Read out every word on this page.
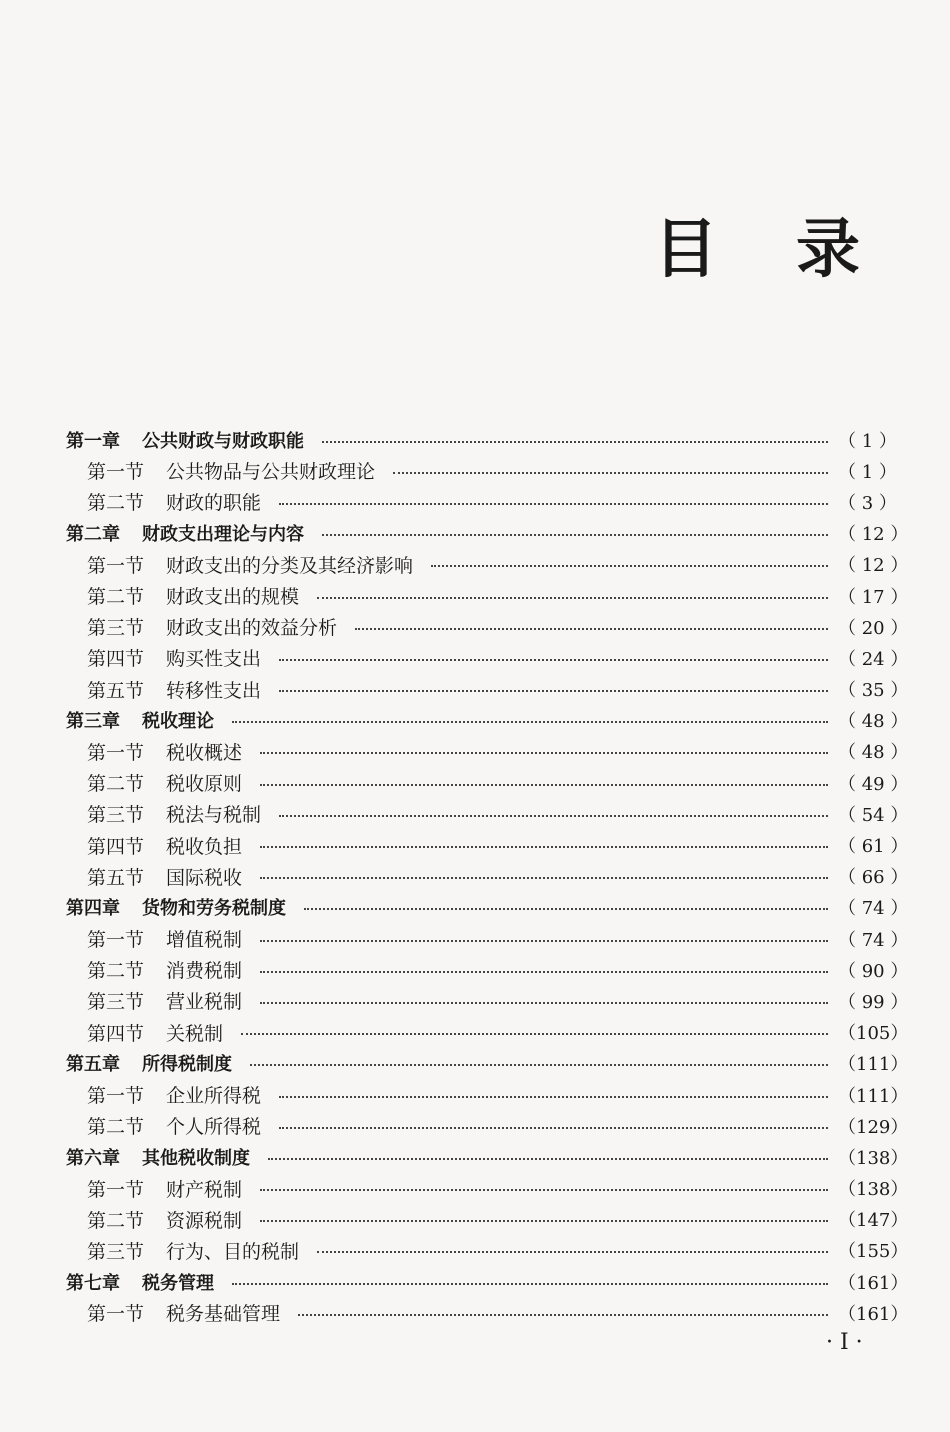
目 录
第一章 公共财政与财政职能	（ 1 ）
第一节 公共物品与公共财政理论	（ 1 ）
第二节 财政的职能	（ 3 ）
第二章 财政支出理论与内容	（ 12 ）
第一节 财政支出的分类及其经济影响	（ 12 ）
第二节 财政支出的规模	（ 17 ）
第三节 财政支出的效益分析	（ 20 ）
第四节 购买性支出	（ 24 ）
第五节 转移性支出	（ 35 ）
第三章 税收理论	（ 48 ）
第一节 税收概述	（ 48 ）
第二节 税收原则	（ 49 ）
第三节 税法与税制	（ 54 ）
第四节 税收负担	（ 61 ）
第五节 国际税收	（ 66 ）
第四章 货物和劳务税制度	（ 74 ）
第一节 增值税制	（ 74 ）
第二节 消费税制	（ 90 ）
第三节 营业税制	（ 99 ）
第四节 关税制	（105）
第五章 所得税制度	（111）
第一节 企业所得税	（111）
第二节 个人所得税	（129）
第六章 其他税收制度	（138）
第一节 财产税制	（138）
第二节 资源税制	（147）
第三节 行为、目的税制	（155）
第七章 税务管理	（161）
第一节 税务基础管理	（161）

· I ·
